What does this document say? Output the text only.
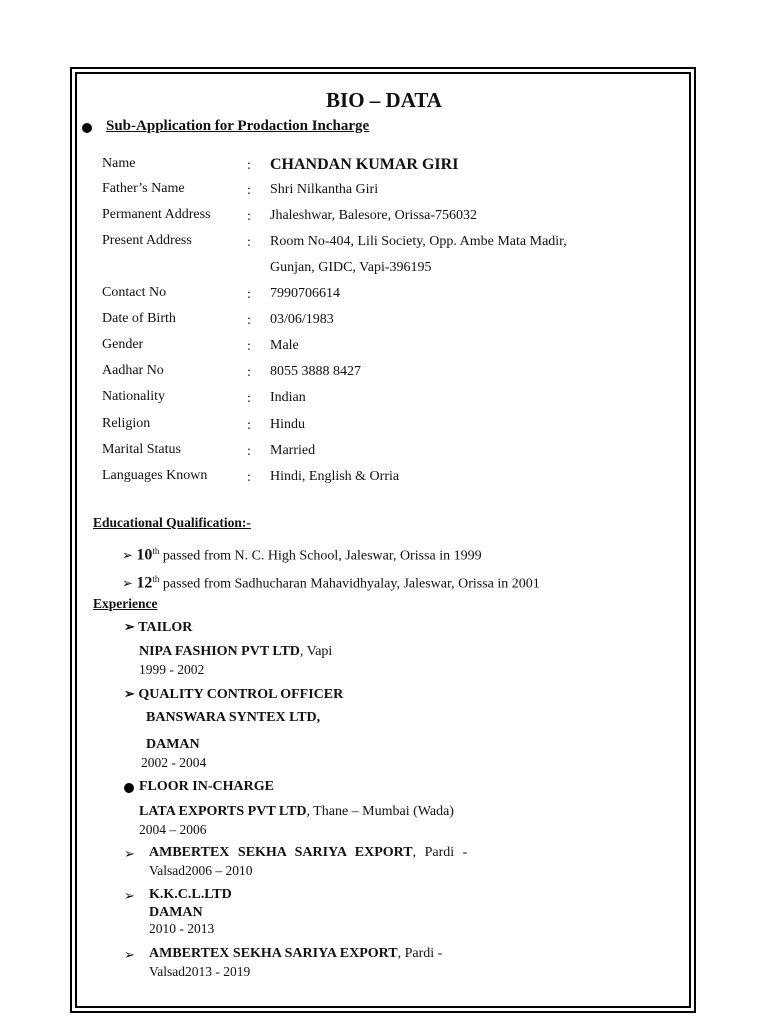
BIO – DATA
Sub-Application for Prodaction Incharge
Name	: CHANDAN KUMAR GIRI
Father’s Name	: Shri Nilkantha Giri
Permanent Address	: Jhaleshwar, Balesore, Orissa-756032
Present Address	: Room No-404, Lili Society, Opp. Ambe Mata Madir,
Gunjan, GIDC, Vapi-396195
Contact No	: 7990706614
Date of Birth	: 03/06/1983
Gender	: Male
Aadhar No	: 8055 3888 8427
Nationality	: Indian
Religion	: Hindu
Marital Status	: Married
Languages Known	: Hindi, English & Orria
Educational Qualification:-
➢ 10th passed from N. C. High School, Jaleswar, Orissa in 1999
➢ 12th passed from Sadhucharan Mahavidhyalay, Jaleswar, Orissa in 2001
Experience
➢ TAILOR
NIPA FASHION PVT LTD, Vapi
1999 - 2002
➢ QUALITY CONTROL OFFICER
BANSWARA SYNTEX LTD,
DAMAN
2002 - 2004
FLOOR IN-CHARGE
LATA EXPORTS PVT LTD, Thane – Mumbai (Wada)
2004 – 2006
➢ AMBERTEX SEKHA SARIYA EXPORT, Pardi -
Valsad2006 – 2010
➢ K.K.C.L.LTD
DAMAN
2010 - 2013
➢ AMBERTEX SEKHA SARIYA EXPORT, Pardi -
Valsad2013 - 2019
